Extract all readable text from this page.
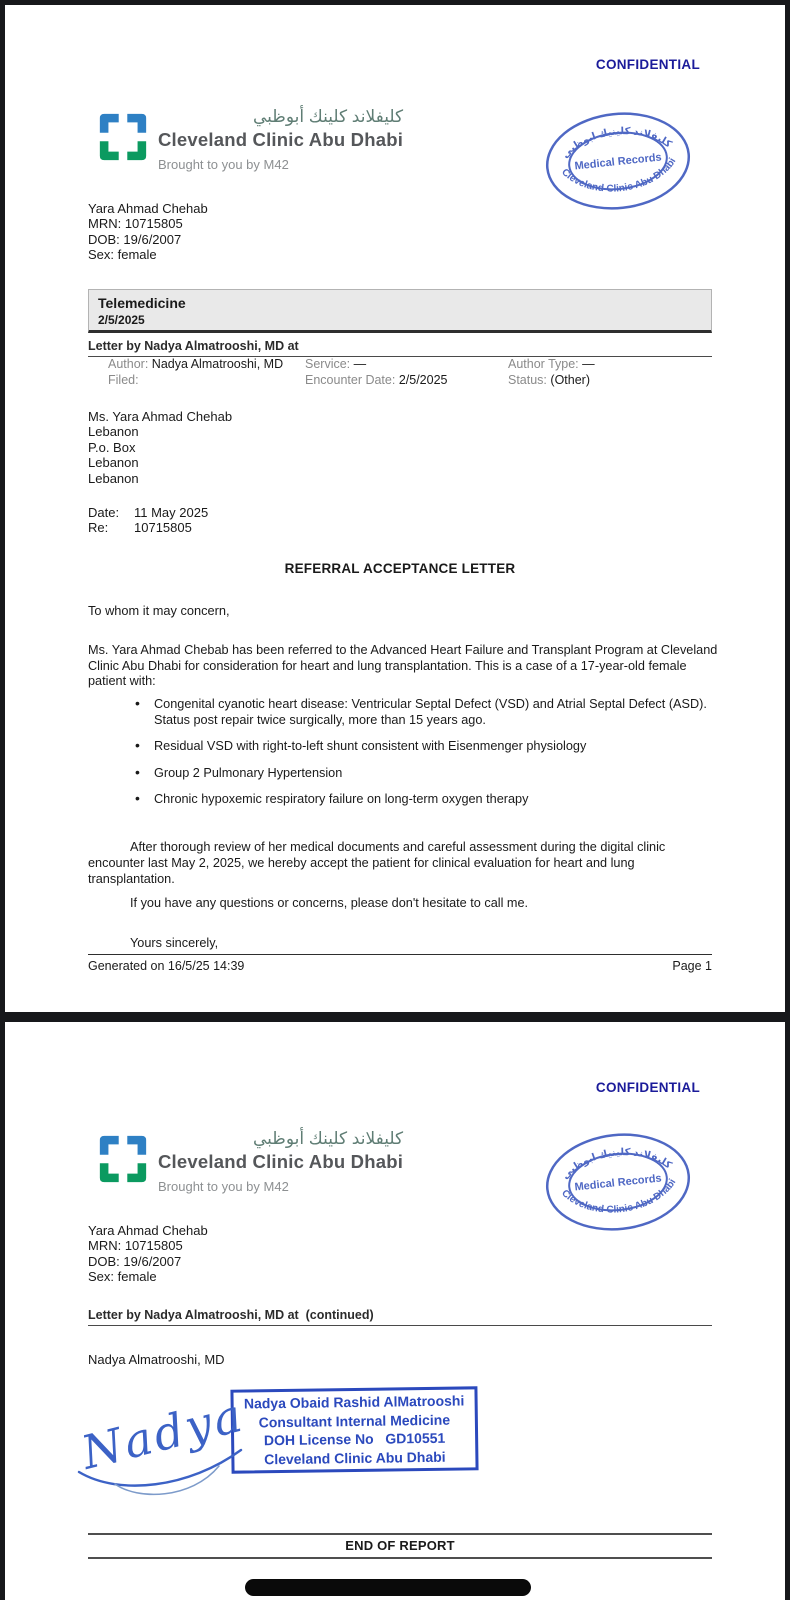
CONFIDENTIAL
كليفلاند كلينك أبوظبي
Cleveland Clinic Abu Dhabi
Brought to you by M42
كليفلاند كلينيك ابوظبي
Medical Records
Cleveland Clinic Abu Dhabi
Yara Ahmad Chehab
MRN: 10715805
DOB: 19/6/2007
Sex: female
Telemedicine
2/5/2025
Letter by Nadya Almatrooshi, MD at
Author: Nadya Almatrooshi, MD	Service: —	Author Type: —
Filed:	Encounter Date: 2/5/2025	Status: (Other)
Ms. Yara Ahmad Chehab
Lebanon
P.o. Box
Lebanon
Lebanon
Date: 11 May 2025
Re: 10715805
REFERRAL ACCEPTANCE LETTER
To whom it may concern,

Ms. Yara Ahmad Chebab has been referred to the Advanced Heart Failure and Transplant Program at Cleveland Clinic Abu Dhabi for consideration for heart and lung transplantation. This is a case of a 17-year-old female patient with:

• Congenital cyanotic heart disease: Ventricular Septal Defect (VSD) and Atrial Septal Defect (ASD). Status post repair twice surgically, more than 15 years ago.
• Residual VSD with right-to-left shunt consistent with Eisenmenger physiology
• Group 2 Pulmonary Hypertension
• Chronic hypoxemic respiratory failure on long-term oxygen therapy

After thorough review of her medical documents and careful assessment during the digital clinic encounter last May 2, 2025, we hereby accept the patient for clinical evaluation for heart and lung transplantation.

If you have any questions or concerns, please don't hesitate to call me.

Yours sincerely,

Generated on 16/5/25 14:39	Page 1
CONFIDENTIAL
كليفلاند كلينك أبوظبي
Cleveland Clinic Abu Dhabi
Brought to you by M42
كليفلاند كلينيك ابوظبي
Medical Records
Cleveland Clinic Abu Dhabi
Yara Ahmad Chehab
MRN: 10715805
DOB: 19/6/2007
Sex: female
Letter by Nadya Almatrooshi, MD at  (continued)
Nadya Almatrooshi, MD
Nadya
Nadya Obaid Rashid AlMatrooshi
Consultant Internal Medicine
DOH License No   GD10551
Cleveland Clinic Abu Dhabi
END OF REPORT
